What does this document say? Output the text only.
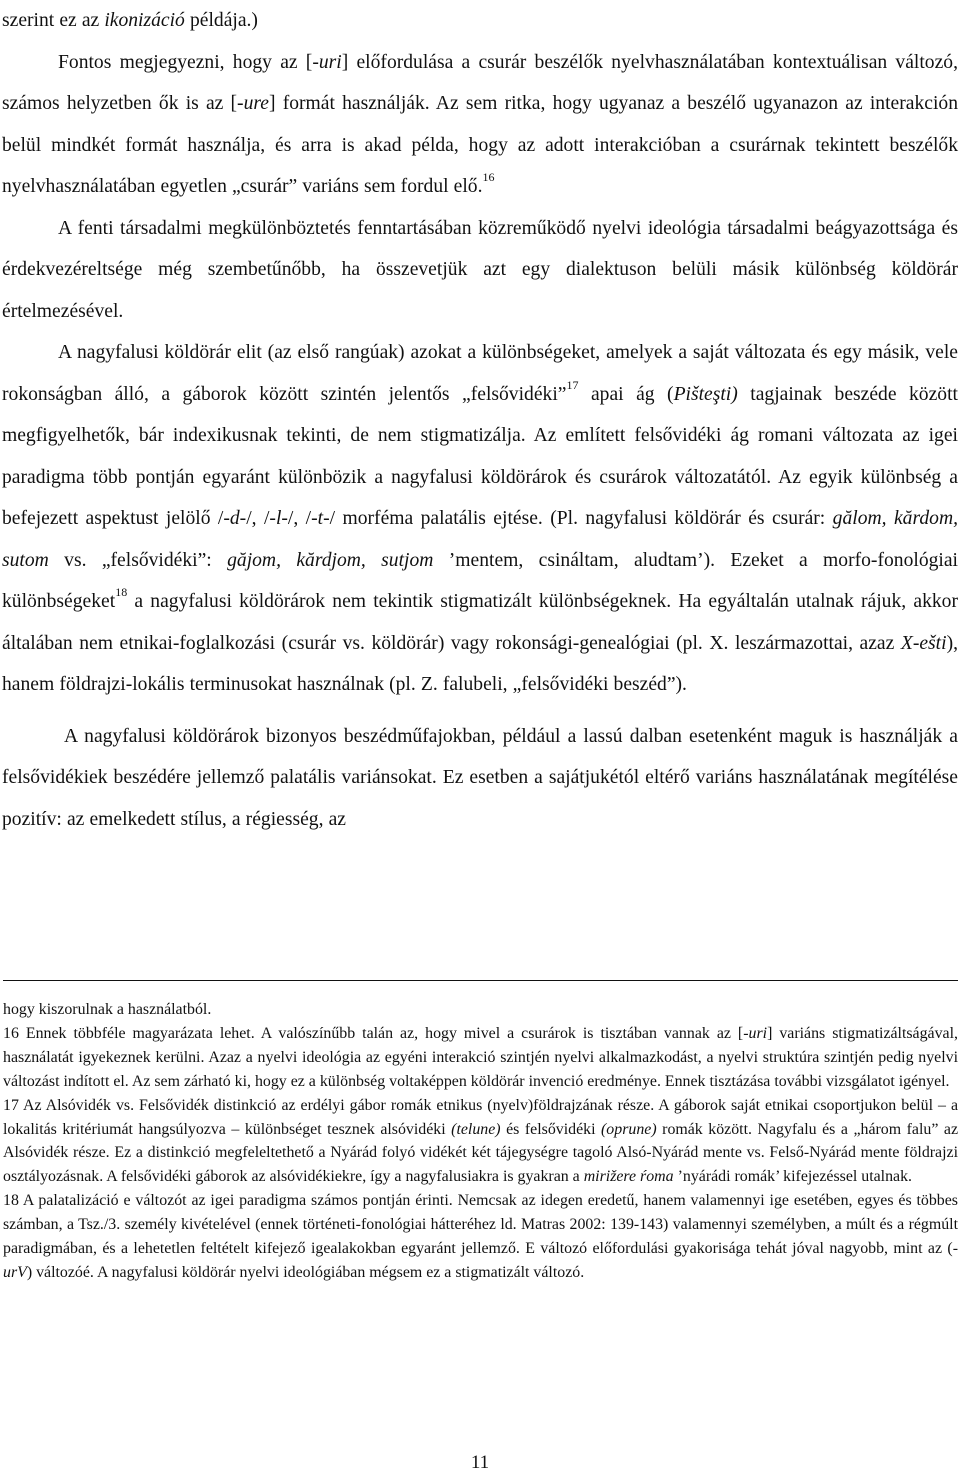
szerint ez az ikonizáció példája.)

Fontos megjegyezni, hogy az [-uri] előfordulása a csurár beszélők nyelvhasználatában kontextuálisan változó, számos helyzetben ők is az [-ure] formát használják. Az sem ritka, hogy ugyanaz a beszélő ugyanazon az interakción belül mindkét formát használja, és arra is akad példa, hogy az adott interakcióban a csurárnak tekintett beszélők nyelvhasználatában egyetlen „csurár” variáns sem fordul elő.$^{16}$

A fenti társadalmi megkülönböztetés fenntartásában közreműködő nyelvi ideológia társadalmi beágyazottsága és érdekvezéreltsége még szembetűnőbb, ha összevetjük azt egy dialektuson belüli másik különbség köldörár értelmezésével.

A nagyfalusi köldörár elit (az első rangúak) azokat a különbségeket, amelyek a saját változata és egy másik, vele rokonságban álló, a gáborok között szintén jelentős „felsővidéki”$^{17}$ apai ág (Pišteşti) tagjainak beszéde között megfigyelhetők, bár indexikusnak tekinti, de nem stigmatizálja. Az említett felsővidéki ág romani változata az igei paradigma több pontján egyaránt különbözik a nagyfalusi köldörárok és csurárok változatától. Az egyik különbség a befejezett aspektust jelölő /-d-/, /-l-/, /-t-/ morféma palatális ejtése. (Pl. nagyfalusi köldörár és csurár: gălom, kărdom, sutom vs. „felsővidéki”: găjom, kărdjom, sutjom ’mentem, csináltam, aludtam’). Ezeket a morfo-fonológiai különbségeket$^{18}$ a nagyfalusi köldörárok nem tekintik stigmatizált különbségeknek. Ha egyáltalán utalnak rájuk, akkor általában nem etnikai-foglalkozási (csurár vs. köldörár) vagy rokonsági-genealógiai (pl. X. leszármazottai, azaz X-ešti), hanem földrajzi-lokális terminusokat használnak (pl. Z. falubeli, „felsővidéki beszéd”).

A nagyfalusi köldörárok bizonyos beszédműfajokban, például a lassú dalban esetenként maguk is használják a felsővidékiek beszédére jellemző palatális variánsokat. Ez esetben a sajátjukétól eltérő variáns használatának megítélése pozitív: az emelkedett stílus, a régiesség, az

hogy kiszorulnak a használatból.

16 Ennek többféle magyarázata lehet. A valószínűbb talán az, hogy mivel a csurárok is tisztában vannak az [-uri] variáns stigmatizáltságával, használatát igyekeznek kerülni. Azaz a nyelvi ideológia az egyéni interakció szintjén nyelvi alkalmazkodást, a nyelvi struktúra szintjén pedig nyelvi változást indított el. Az sem zárható ki, hogy ez a különbség voltaképpen köldörár invenció eredménye. Ennek tisztázása további vizsgálatot igényel.

17 Az Alsóvidék vs. Felsővidék distinkció az erdélyi gábor romák etnikus (nyelv)földrajzának része. A gáborok saját etnikai csoportjukon belül – a lokalitás kritériumát hangsúlyozva – különbséget tesznek alsóvidéki (telune) és felsővidéki (oprune) romák között. Nagyfalu és a „három falu” az Alsóvidék része. Ez a distinkció megfeleltethető a Nyárád folyó vidékét két tájegységre tagoló Alsó-Nyárád mente vs. Felső-Nyárád mente földrajzi osztályozásnak. A felsővidéki gáborok az alsóvidékiekre, így a nagyfalusiakra is gyakran a mirižere ŕoma ’nyárádi romák’ kifejezéssel utalnak.

18 A palatalizáció e változót az igei paradigma számos pontján érinti. Nemcsak az idegen eredetű, hanem valamennyi ige esetében, egyes és többes számban, a Tsz./3. személy kivételével (ennek történeti-fonológiai hátteréhez ld. Matras 2002: 139-143) valamennyi személyben, a múlt és a régmúlt paradigmában, és a lehetetlen feltételt kifejező igealakokban egyaránt jellemző. E változó előfordulási gyakorisága tehát jóval nagyobb, mint az (-urV) változóé. A nagyfalusi köldörár nyelvi ideológiában mégsem ez a stigmatizált változó.

11
